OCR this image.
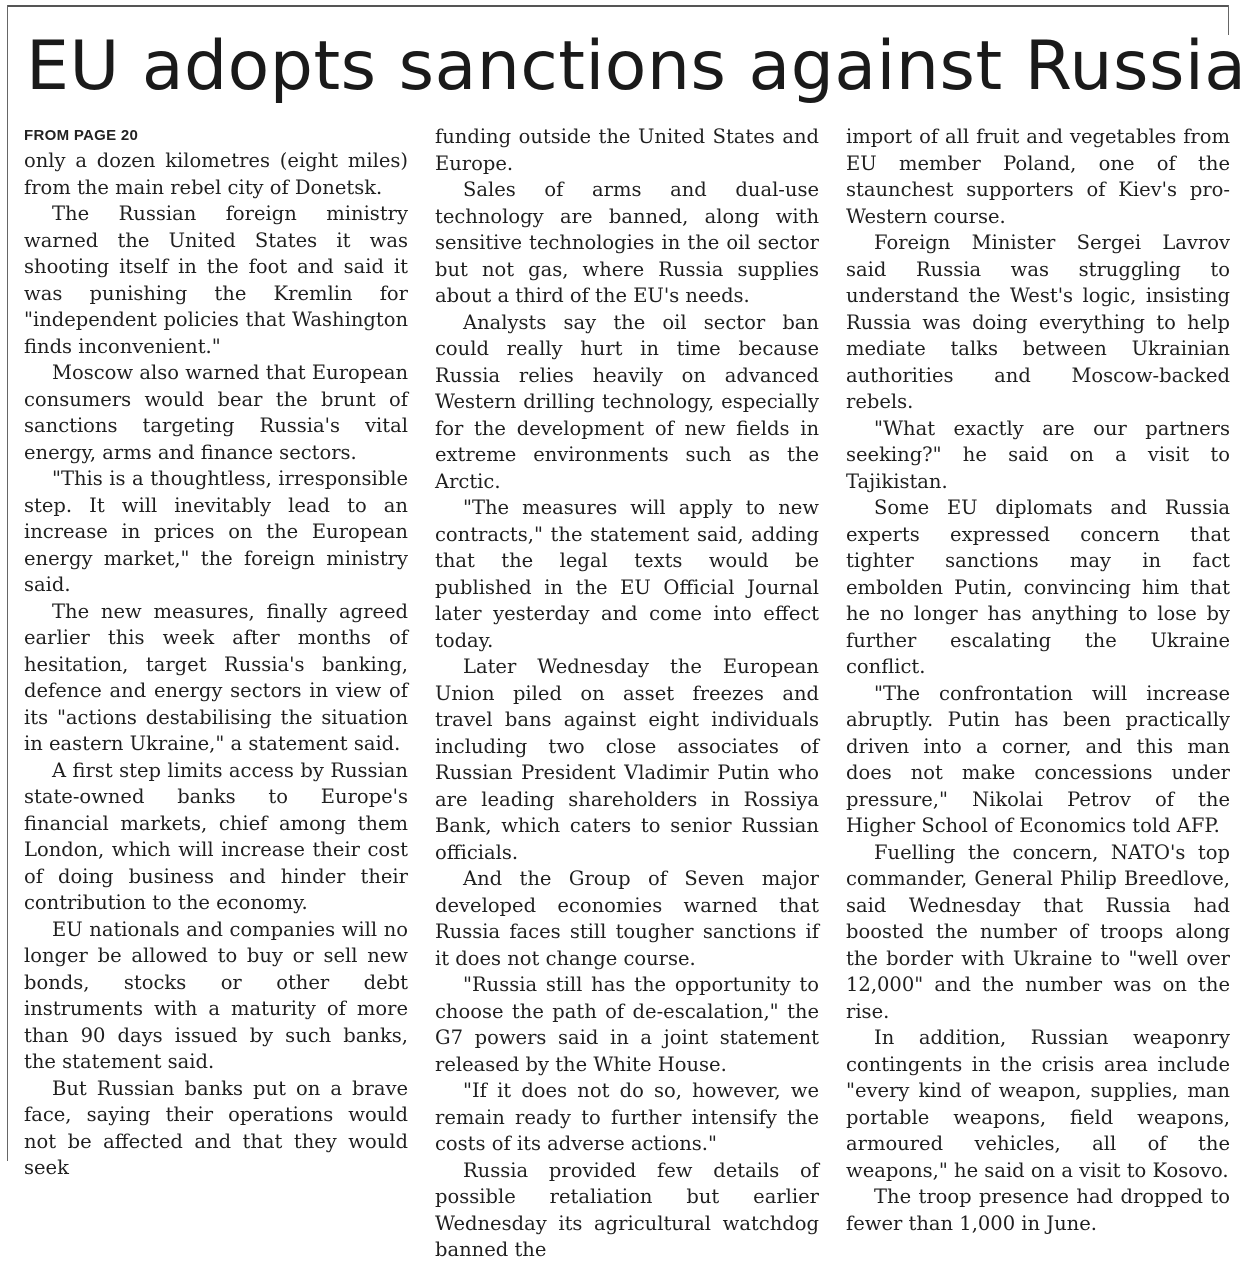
EU adopts sanctions against Russia
FROM PAGE 20

only a dozen kilometres (eight miles) from the main rebel city of Donetsk.

The Russian foreign ministry warned the United States it was shooting itself in the foot and said it was punishing the Kremlin for "independent policies that Washington finds inconvenient."

Moscow also warned that European consumers would bear the brunt of sanctions targeting Russia's vital energy, arms and finance sectors.

"This is a thoughtless, irresponsible step. It will inevitably lead to an increase in prices on the European energy market," the foreign ministry said.

The new measures, finally agreed earlier this week after months of hesitation, target Russia's banking, defence and energy sectors in view of its "actions destabilising the situation in eastern Ukraine," a statement said.

A first step limits access by Russian state-owned banks to Europe's financial markets, chief among them London, which will increase their cost of doing business and hinder their contribution to the economy.

EU nationals and companies will no longer be allowed to buy or sell new bonds, stocks or other debt instruments with a maturity of more than 90 days issued by such banks, the statement said.

But Russian banks put on a brave face, saying their operations would not be affected and that they would seek

funding outside the United States and Europe.

Sales of arms and dual-use technology are banned, along with sensitive technologies in the oil sector but not gas, where Russia supplies about a third of the EU's needs.

Analysts say the oil sector ban could really hurt in time because Russia relies heavily on advanced Western drilling technology, especially for the development of new fields in extreme environments such as the Arctic.

"The measures will apply to new contracts," the statement said, adding that the legal texts would be published in the EU Official Journal later yesterday and come into effect today.

Later Wednesday the European Union piled on asset freezes and travel bans against eight individuals including two close associates of Russian President Vladimir Putin who are leading shareholders in Rossiya Bank, which caters to senior Russian officials.

And the Group of Seven major developed economies warned that Russia faces still tougher sanctions if it does not change course.

"Russia still has the opportunity to choose the path of de-escalation," the G7 powers said in a joint statement released by the White House.

"If it does not do so, however, we remain ready to further intensify the costs of its adverse actions."

Russia provided few details of possible retaliation but earlier Wednesday its agricultural watchdog banned the

import of all fruit and vegetables from EU member Poland, one of the staunchest supporters of Kiev's pro-Western course.

Foreign Minister Sergei Lavrov said Russia was struggling to understand the West's logic, insisting Russia was doing everything to help mediate talks between Ukrainian authorities and Moscow-backed rebels.

"What exactly are our partners seeking?" he said on a visit to Tajikistan.

Some EU diplomats and Russia experts expressed concern that tighter sanctions may in fact embolden Putin, convincing him that he no longer has anything to lose by further escalating the Ukraine conflict.

"The confrontation will increase abruptly. Putin has been practically driven into a corner, and this man does not make concessions under pressure," Nikolai Petrov of the Higher School of Economics told AFP.

Fuelling the concern, NATO's top commander, General Philip Breedlove, said Wednesday that Russia had boosted the number of troops along the border with Ukraine to "well over 12,000" and the number was on the rise.

In addition, Russian weaponry contingents in the crisis area include "every kind of weapon, supplies, man portable weapons, field weapons, armoured vehicles, all of the weapons," he said on a visit to Kosovo.

The troop presence had dropped to fewer than 1,000 in June.
